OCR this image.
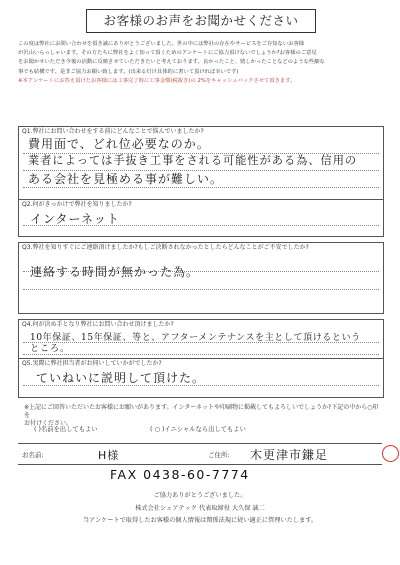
お客様のお声をお聞かせください
この度は弊社にお問い合わせを頂き誠にありがとうございました。世の中には弊社の存在やサービスをご存知ないお客様
が沢山いらっしゃいます。その方たちに弊社をよく知って頂くためのアンケートにご協力頂けないでしょうか?お客様のご意見
をお聞かせいただき今後の活動に反映させていただきたいと考えております。良かったこと、嬉しかったことなどのような些細な
事でも結構です。是非ご協力お願い致します。(出来る灯け具体的に書いて頂ければ幸いです)
※本アンケートにお答え頂けたお客様には工事完了時に工事金額(税抜き)の 2%をキャッシュバックさせて頂きます。
Q1.弊社にお問い合わせをする前にどんなことで悩んでいましたか?
費用面で、どれ位必要なのか。
業者によっては手抜き工事をされる可能性がある為、信用の
ある会社を見極める事が難しい。
Q2.何がきっかけで弊社を知りましたか?
インターネット
Q3.弊社を知りすぐにご連絡頂けましたか?もしご決断されなかったとしたらどんなことがご不安でしたか?
連絡する時間が無かった為。
Q4.何が決め手となり弊社にお問い合わせ頂けましたか?
10年保証、15年保証、等と、アフターメンテナンスを主として頂けるという
ところ。
Q5.実際に弊社担当者がお伺いしていかがでしたか?
ていねいに説明して頂けた。
※上記にご回答いただいたお客様にお願いがあります。インターネットや印刷物に掲載してもよろしいでしょうか?下記の中から○印を
お付けください。
( )名前を出してもよい	( ○ )イニシャルなら出してもよい
お名前:	H様	ご住所: 木更津市鎌足
FAX 0438-60-7774
ご協力ありがとうございました。
株式会社シェアテック 代表取締役 大久保 誠二
当アンケートで取得したお客様の個人情報は関係法規に従い適正に管理いたします。
